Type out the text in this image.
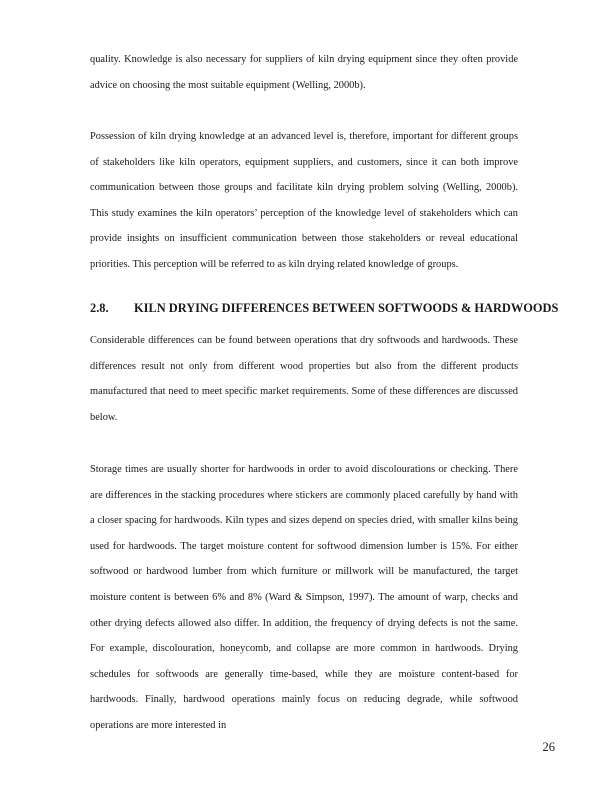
quality. Knowledge is also necessary for suppliers of kiln drying equipment since they often provide advice on choosing the most suitable equipment (Welling, 2000b).

Possession of kiln drying knowledge at an advanced level is, therefore, important for different groups of stakeholders like kiln operators, equipment suppliers, and customers, since it can both improve communication between those groups and facilitate kiln drying problem solving (Welling, 2000b). This study examines the kiln operators’ perception of the knowledge level of stakeholders which can provide insights on insufficient communication between those stakeholders or reveal educational priorities. This perception will be referred to as kiln drying related knowledge of groups.

2.8. KILN DRYING DIFFERENCES BETWEEN SOFTWOODS & HARDWOODS

Considerable differences can be found between operations that dry softwoods and hardwoods. These differences result not only from different wood properties but also from the different products manufactured that need to meet specific market requirements. Some of these differences are discussed below.

Storage times are usually shorter for hardwoods in order to avoid discolourations or checking. There are differences in the stacking procedures where stickers are commonly placed carefully by hand with a closer spacing for hardwoods. Kiln types and sizes depend on species dried, with smaller kilns being used for hardwoods. The target moisture content for softwood dimension lumber is 15%. For either softwood or hardwood lumber from which furniture or millwork will be manufactured, the target moisture content is between 6% and 8% (Ward & Simpson, 1997). The amount of warp, checks and other drying defects allowed also differ. In addition, the frequency of drying defects is not the same. For example, discolouration, honeycomb, and collapse are more common in hardwoods. Drying schedules for softwoods are generally time-based, while they are moisture content-based for hardwoods. Finally, hardwood operations mainly focus on reducing degrade, while softwood operations are more interested in

26
